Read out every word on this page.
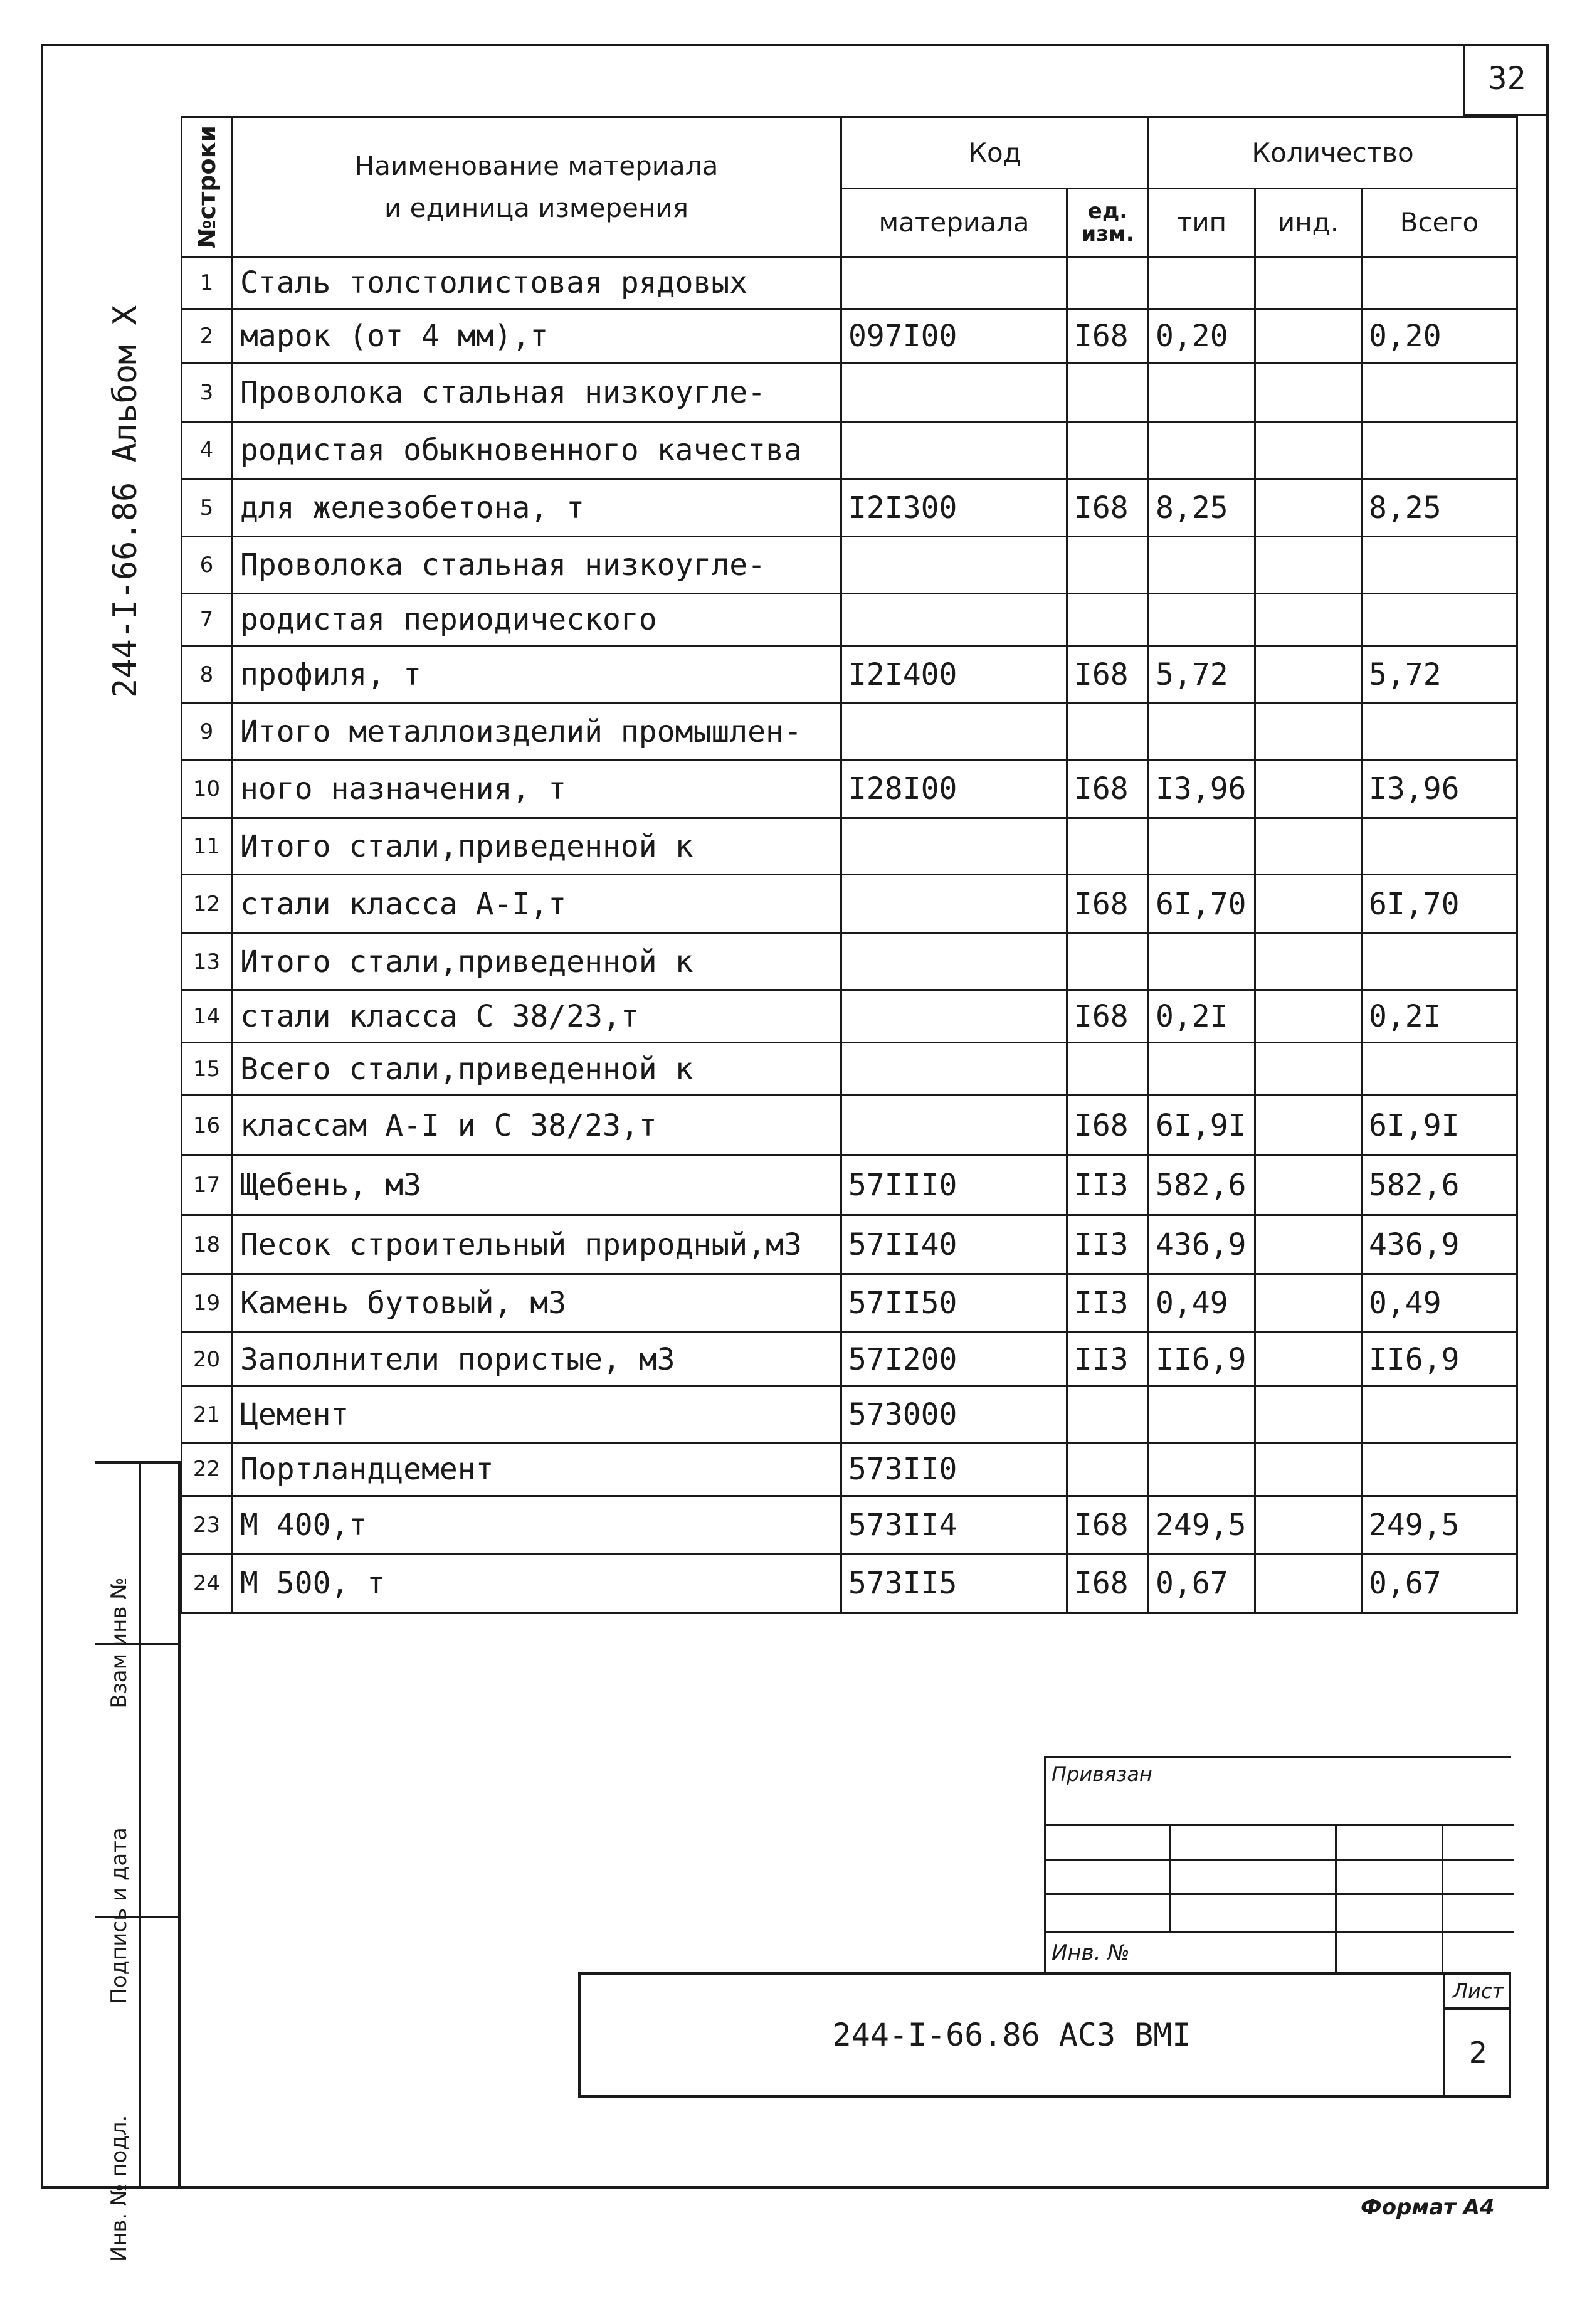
32
244-I-66.86 Альбом X
№строки	Наименование материала
и единица измерения	Код		Количество		
		материала	ед. изм.	тип	инд.	Всего
1	Сталь толстолистовая рядовых					
2	марок (от 4 мм),т	097I00	I68	0,20		0,20
3	Проволока стальная низкоугле-					
4	родистая обыкновенного качества					
5	для железобетона, т	I2I300	I68	8,25		8,25
6	Проволока стальная низкоугле-					
7	родистая периодического					
8	профиля, т	I2I400	I68	5,72		5,72
9	Итого металлоизделий промышлен-					
10	ного назначения, т	I28I00	I68	I3,96		I3,96
11	Итого стали,приведенной к					
12	стали класса А-I,т		I68	6I,70		6I,70
13	Итого стали,приведенной к					
14	стали класса С 38/23,т		I68	0,2I		0,2I
15	Всего стали,приведенной к					
16	классам А-I и С 38/23,т		I68	6I,9I		6I,9I
17	Щебень, м3	57III0	II3	582,6		582,6
18	Песок строительный природный,м3	57II40	II3	436,9		436,9
19	Камень бутовый, м3	57II50	II3	0,49		0,49
20	Заполнители пористые, м3	57I200	II3	II6,9		II6,9
21	Цемент	573000				
22	Портландцемент	573II0				
23	М 400,т	573II4	I68	249,5		249,5
24	М 500, т	573II5	I68	0,67		0,67
Взам инв №
Подпись и дата
Инв. № подл.
Привязан
Инв. №
244-I-66.86 АС3 ВМI
Лист
2
Формат А4
